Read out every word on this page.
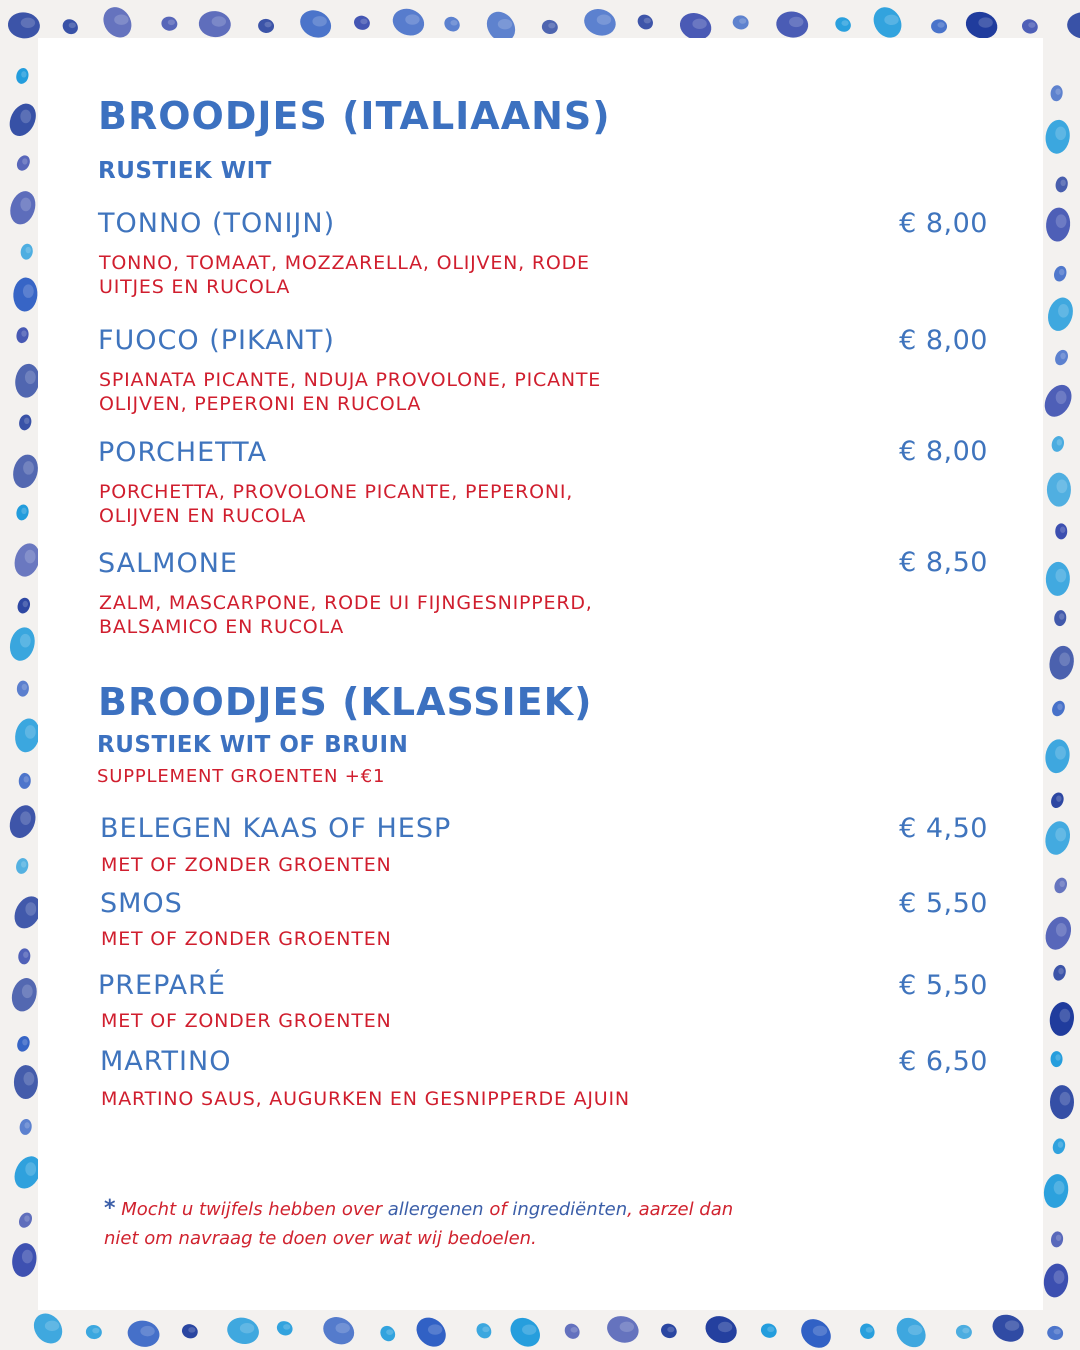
BROODJES (ITALIAANS)
RUSTIEK WIT
TONNO (TONIJN)	€ 8,00
TONNO, TOMAAT, MOZZARELLA, OLIJVEN, RODE UITJES EN RUCOLA
FUOCO (PIKANT)	€ 8,00
SPIANATA PICANTE, NDUJA PROVOLONE, PICANTE OLIJVEN, PEPERONI EN RUCOLA
PORCHETTA	€ 8,00
PORCHETTA, PROVOLONE PICANTE, PEPERONI, OLIJVEN EN RUCOLA
SALMONE	€ 8,50
ZALM, MASCARPONE, RODE UI FIJNGESNIPPERD, BALSAMICO EN RUCOLA
BROODJES (KLASSIEK)
RUSTIEK WIT OF BRUIN
SUPPLEMENT GROENTEN +€1
BELEGEN KAAS OF HESP	€ 4,50
MET OF ZONDER GROENTEN
SMOS	€ 5,50
MET OF ZONDER GROENTEN
PREPARÉ	€ 5,50
MET OF ZONDER GROENTEN
MARTINO	€ 6,50
MARTINO SAUS, AUGURKEN EN GESNIPPERDE AJUIN
* Mocht u twijfels hebben over allergenen of ingrediënten, aarzel dan niet om navraag te doen over wat wij bedoelen.
